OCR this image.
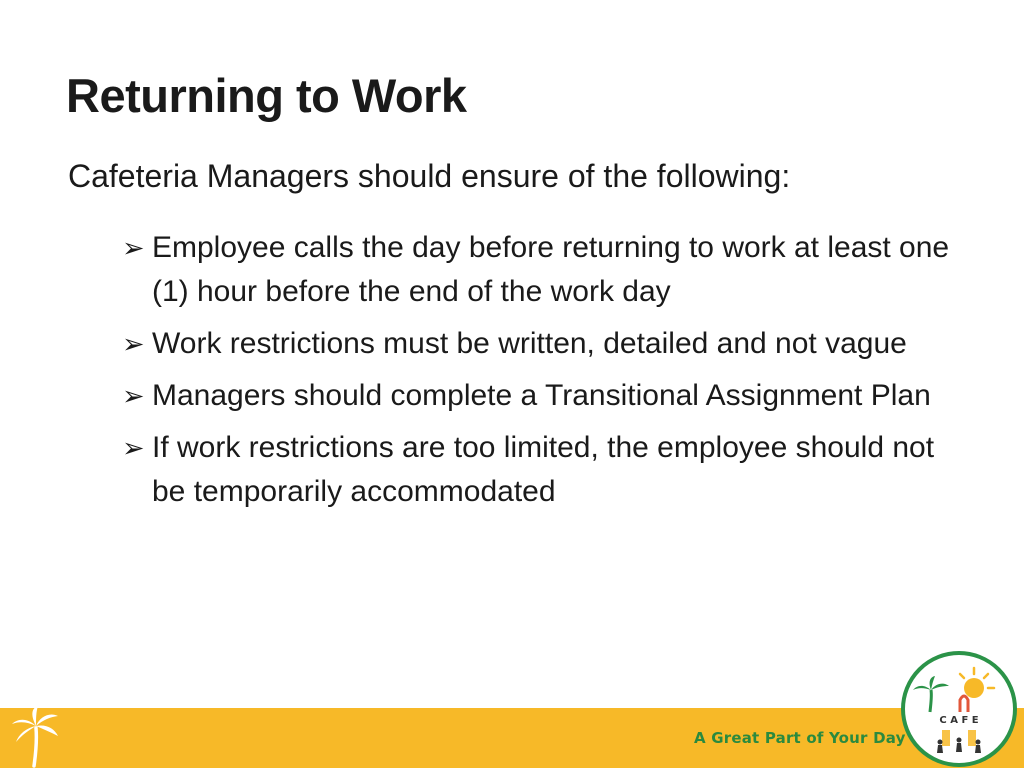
Returning to Work

Cafeteria Managers should ensure of the following:

➢ Employee calls the day before returning to work at least one (1) hour before the end of the work day
➢ Work restrictions must be written, detailed and not vague
➢ Managers should complete a Transitional Assignment Plan
➢ If work restrictions are too limited, the employee should not be temporarily accommodated
A Great Part of Your Day
C A F E
